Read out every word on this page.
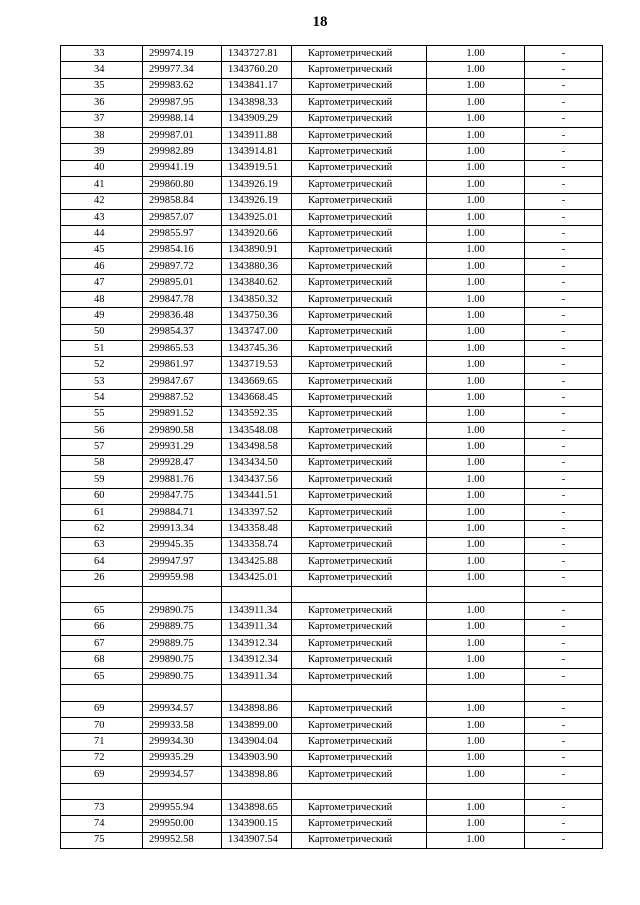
18
33	299974.19	1343727.81	Картометрический	1.00	-
34	299977.34	1343760.20	Картометрический	1.00	-
35	299983.62	1343841.17	Картометрический	1.00	-
36	299987.95	1343898.33	Картометрический	1.00	-
37	299988.14	1343909.29	Картометрический	1.00	-
38	299987.01	1343911.88	Картометрический	1.00	-
39	299982.89	1343914.81	Картометрический	1.00	-
40	299941.19	1343919.51	Картометрический	1.00	-
41	299860.80	1343926.19	Картометрический	1.00	-
42	299858.84	1343926.19	Картометрический	1.00	-
43	299857.07	1343925.01	Картометрический	1.00	-
44	299855.97	1343920.66	Картометрический	1.00	-
45	299854.16	1343890.91	Картометрический	1.00	-
46	299897.72	1343880.36	Картометрический	1.00	-
47	299895.01	1343840.62	Картометрический	1.00	-
48	299847.78	1343850.32	Картометрический	1.00	-
49	299836.48	1343750.36	Картометрический	1.00	-
50	299854.37	1343747.00	Картометрический	1.00	-
51	299865.53	1343745.36	Картометрический	1.00	-
52	299861.97	1343719.53	Картометрический	1.00	-
53	299847.67	1343669.65	Картометрический	1.00	-
54	299887.52	1343668.45	Картометрический	1.00	-
55	299891.52	1343592.35	Картометрический	1.00	-
56	299890.58	1343548.08	Картометрический	1.00	-
57	299931.29	1343498.58	Картометрический	1.00	-
58	299928.47	1343434.50	Картометрический	1.00	-
59	299881.76	1343437.56	Картометрический	1.00	-
60	299847.75	1343441.51	Картометрический	1.00	-
61	299884.71	1343397.52	Картометрический	1.00	-
62	299913.34	1343358.48	Картометрический	1.00	-
63	299945.35	1343358.74	Картометрический	1.00	-
64	299947.97	1343425.88	Картометрический	1.00	-
26	299959.98	1343425.01	Картометрический	1.00	-

65	299890.75	1343911.34	Картометрический	1.00	-
66	299889.75	1343911.34	Картометрический	1.00	-
67	299889.75	1343912.34	Картометрический	1.00	-
68	299890.75	1343912.34	Картометрический	1.00	-
65	299890.75	1343911.34	Картометрический	1.00	-

69	299934.57	1343898.86	Картометрический	1.00	-
70	299933.58	1343899.00	Картометрический	1.00	-
71	299934.30	1343904.04	Картометрический	1.00	-
72	299935.29	1343903.90	Картометрический	1.00	-
69	299934.57	1343898.86	Картометрический	1.00	-

73	299955.94	1343898.65	Картометрический	1.00	-
74	299950.00	1343900.15	Картометрический	1.00	-
75	299952.58	1343907.54	Картометрический	1.00	-
